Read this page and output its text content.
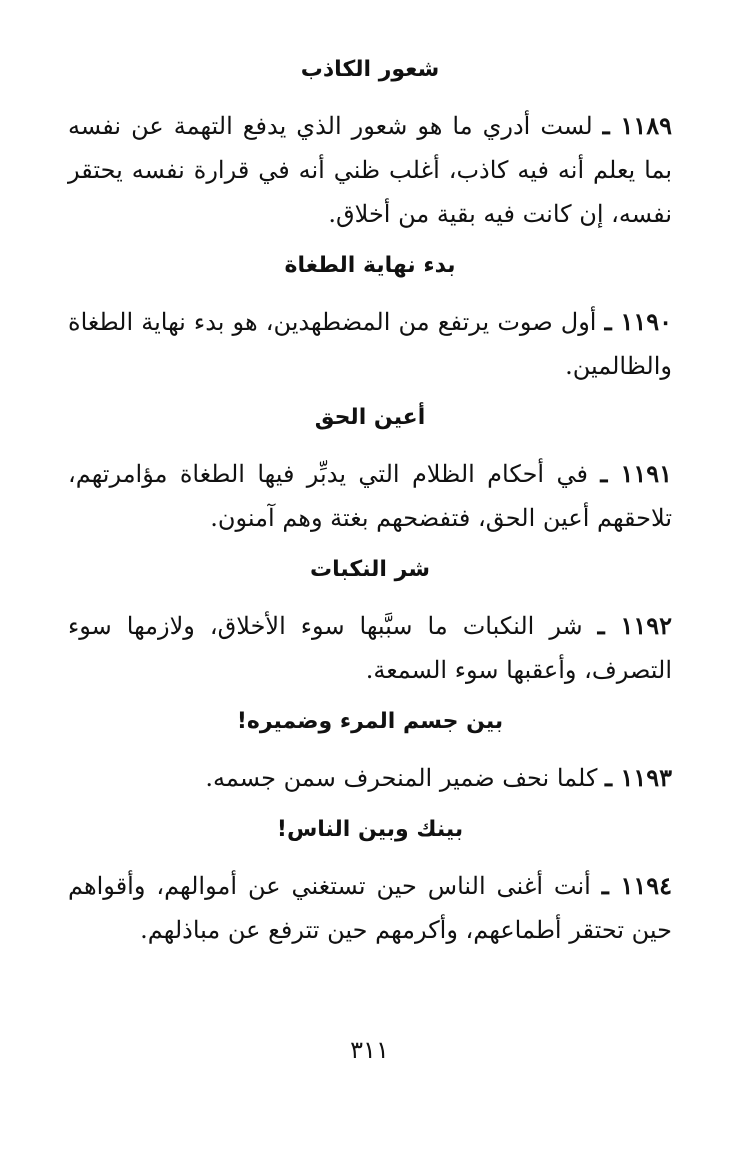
شعور الكاذب

١١٨٩ ـ لست أدري ما هو شعور الذي يدفع التهمة عن نفسه بما يعلم أنه فيه كاذب، أغلب ظني أنه في قرارة نفسه يحتقر نفسه، إن كانت فيه بقية من أخلاق.

بدء نهاية الطغاة

١١٩٠ ـ أول صوت يرتفع من المضطهدين، هو بدء نهاية الطغاة والظالمين.

أعين الحق

١١٩١ ـ في أحكام الظلام التي يدبِّر فيها الطغاة مؤامرتهم، تلاحقهم أعين الحق، فتفضحهم بغتة وهم آمنون.

شر النكبات

١١٩٢ ـ شر النكبات ما سبَّبها سوء الأخلاق، ولازمها سوء التصرف، وأعقبها سوء السمعة.

بين جسم المرء وضميره!

١١٩٣ ـ كلما نحف ضمير المنحرف سمن جسمه.

بينك وبين الناس!

١١٩٤ ـ أنت أغنى الناس حين تستغني عن أموالهم، وأقواهم حين تحتقر أطماعهم، وأكرمهم حين تترفع عن مباذلهم.

٣١١
